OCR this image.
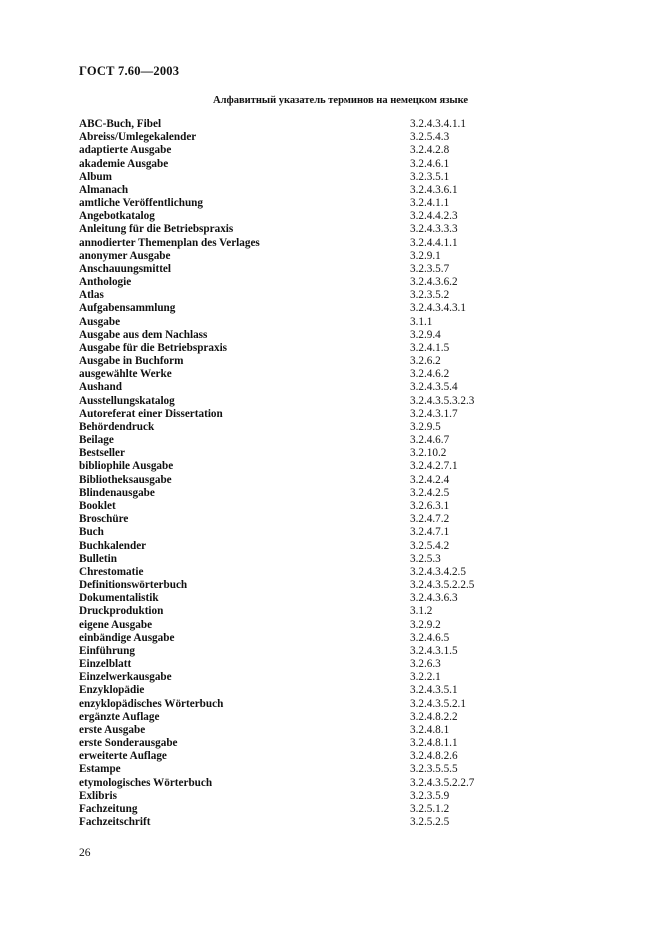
ГОСТ 7.60—2003
Алфавитный указатель терминов на немецком языке
ABC-Buch, Fibel	3.2.4.3.4.1.1
Abreiss/Umlegekalender	3.2.5.4.3
adaptierte Ausgabe	3.2.4.2.8
akademie Ausgabe	3.2.4.6.1
Album	3.2.3.5.1
Almanach	3.2.4.3.6.1
amtliche Veröffentlichung	3.2.4.1.1
Angebotkatalog	3.2.4.4.2.3
Anleitung für die Betriebspraxis	3.2.4.3.3.3
annodierter Themenplan des Verlages	3.2.4.4.1.1
anonymer Ausgabe	3.2.9.1
Anschauungsmittel	3.2.3.5.7
Anthologie	3.2.4.3.6.2
Atlas	3.2.3.5.2
Aufgabensammlung	3.2.4.3.4.3.1
Ausgabe	3.1.1
Ausgabe aus dem Nachlass	3.2.9.4
Ausgabe für die Betriebspraxis	3.2.4.1.5
Ausgabe in Buchform	3.2.6.2
ausgewählte Werke	3.2.4.6.2
Aushand	3.2.4.3.5.4
Ausstellungskatalog	3.2.4.3.5.3.2.3
Autoreferat einer Dissertation	3.2.4.3.1.7
Behördendruck	3.2.9.5
Beilage	3.2.4.6.7
Bestseller	3.2.10.2
bibliophile Ausgabe	3.2.4.2.7.1
Bibliotheksausgabe	3.2.4.2.4
Blindenausgabe	3.2.4.2.5
Booklet	3.2.6.3.1
Broschüre	3.2.4.7.2
Buch	3.2.4.7.1
Buchkalender	3.2.5.4.2
Bulletin	3.2.5.3
Chrestomatie	3.2.4.3.4.2.5
Definitionswörterbuch	3.2.4.3.5.2.2.5
Dokumentalistik	3.2.4.3.6.3
Druckproduktion	3.1.2
eigene Ausgabe	3.2.9.2
einbändige Ausgabe	3.2.4.6.5
Einführung	3.2.4.3.1.5
Einzelblatt	3.2.6.3
Einzelwerkausgabe	3.2.2.1
Enzyklopädie	3.2.4.3.5.1
enzyklopädisches Wörterbuch	3.2.4.3.5.2.1
ergänzte Auflage	3.2.4.8.2.2
erste Ausgabe	3.2.4.8.1
erste Sonderausgabe	3.2.4.8.1.1
erweiterte Auflage	3.2.4.8.2.6
Estampe	3.2.3.5.5.5
etymologisches Wörterbuch	3.2.4.3.5.2.2.7
Exlibris	3.2.3.5.9
Fachzeitung	3.2.5.1.2
Fachzeitschrift	3.2.5.2.5
26
